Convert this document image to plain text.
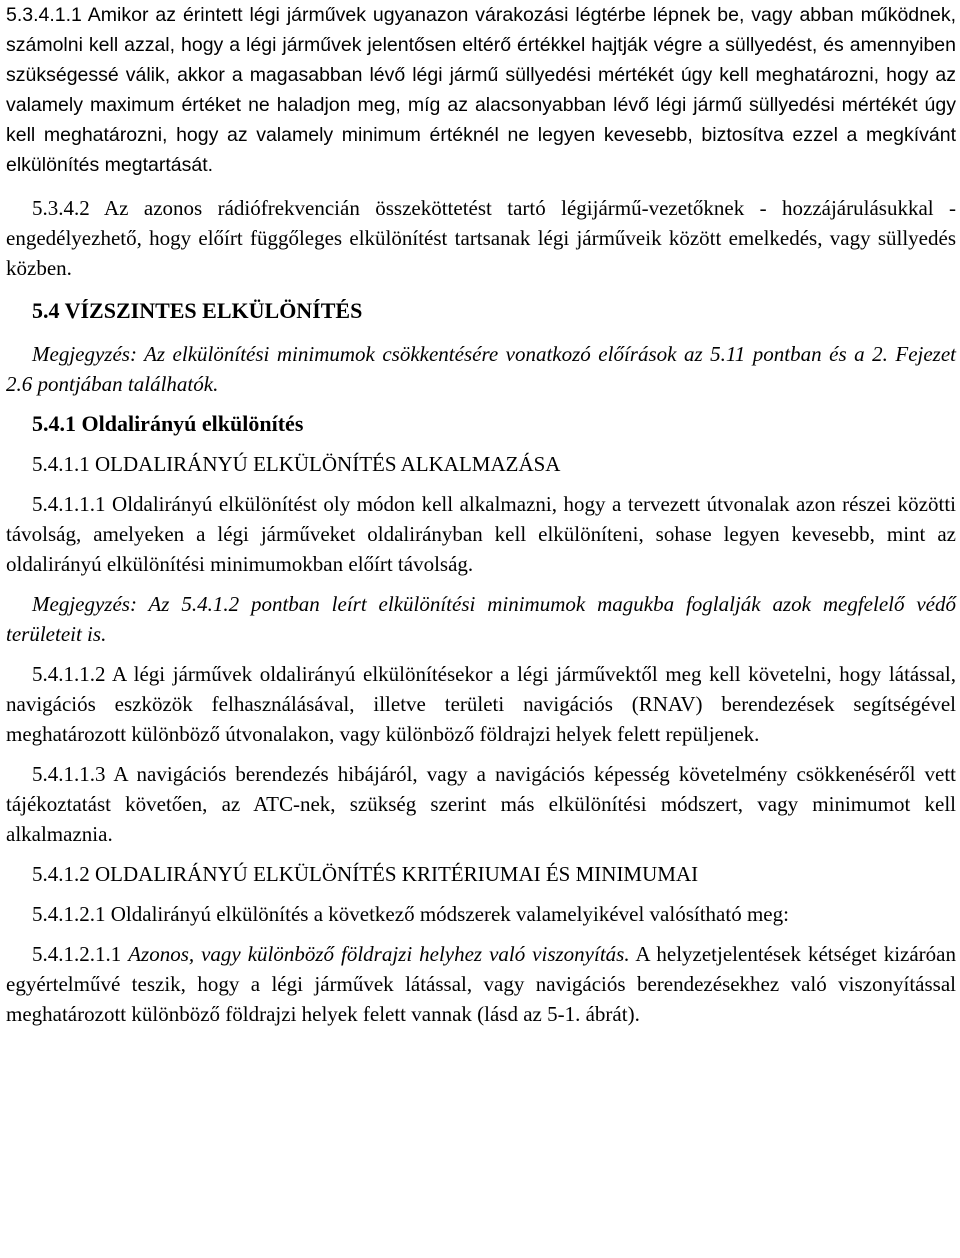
5.3.4.1.1 Amikor az érintett légi járművek ugyanazon várakozási légtérbe lépnek be, vagy abban működnek, számolni kell azzal, hogy a légi járművek jelentősen eltérő értékkel hajtják végre a süllyedést, és amennyiben szükségessé válik, akkor a magasabban lévő légi jármű süllyedési mértékét úgy kell meghatározni, hogy az valamely maximum értéket ne haladjon meg, míg az alacsonyabban lévő légi jármű süllyedési mértékét úgy kell meghatározni, hogy az valamely minimum értéknél ne legyen kevesebb, biztosítva ezzel a megkívánt elkülönítés megtartását.

5.3.4.2 Az azonos rádiófrekvencián összeköttetést tartó légijármű-vezetőknek - hozzájárulásukkal - engedélyezhető, hogy előírt függőleges elkülönítést tartsanak légi járműveik között emelkedés, vagy süllyedés közben.

5.4 VÍZSZINTES ELKÜLÖNÍTÉS

Megjegyzés: Az elkülönítési minimumok csökkentésére vonatkozó előírások az 5.11 pontban és a 2. Fejezet 2.6 pontjában találhatók.

5.4.1 Oldalirányú elkülönítés

5.4.1.1 OLDALIRÁNYÚ ELKÜLÖNÍTÉS ALKALMAZÁSA

5.4.1.1.1 Oldalirányú elkülönítést oly módon kell alkalmazni, hogy a tervezett útvonalak azon részei közötti távolság, amelyeken a légi járműveket oldalirányban kell elkülöníteni, sohase legyen kevesebb, mint az oldalirányú elkülönítési minimumokban előírt távolság.

Megjegyzés: Az 5.4.1.2 pontban leírt elkülönítési minimumok magukba foglalják azok megfelelő védő területeit is.

5.4.1.1.2 A légi járművek oldalirányú elkülönítésekor a légi járművektől meg kell követelni, hogy látással, navigációs eszközök felhasználásával, illetve területi navigációs (RNAV) berendezések segítségével meghatározott különböző útvonalakon, vagy különböző földrajzi helyek felett repüljenek.

5.4.1.1.3 A navigációs berendezés hibájáról, vagy a navigációs képesség követelmény csökkenéséről vett tájékoztatást követően, az ATC-nek, szükség szerint más elkülönítési módszert, vagy minimumot kell alkalmaznia.

5.4.1.2 OLDALIRÁNYÚ ELKÜLÖNÍTÉS KRITÉRIUMAI ÉS MINIMUMAI

5.4.1.2.1 Oldalirányú elkülönítés a következő módszerek valamelyikével valósítható meg:

5.4.1.2.1.1 Azonos, vagy különböző földrajzi helyhez való viszonyítás. A helyzetjelentések kétséget kizáróan egyértelművé teszik, hogy a légi járművek látással, vagy navigációs berendezésekhez való viszonyítással meghatározott különböző földrajzi helyek felett vannak (lásd az 5-1. ábrát).
